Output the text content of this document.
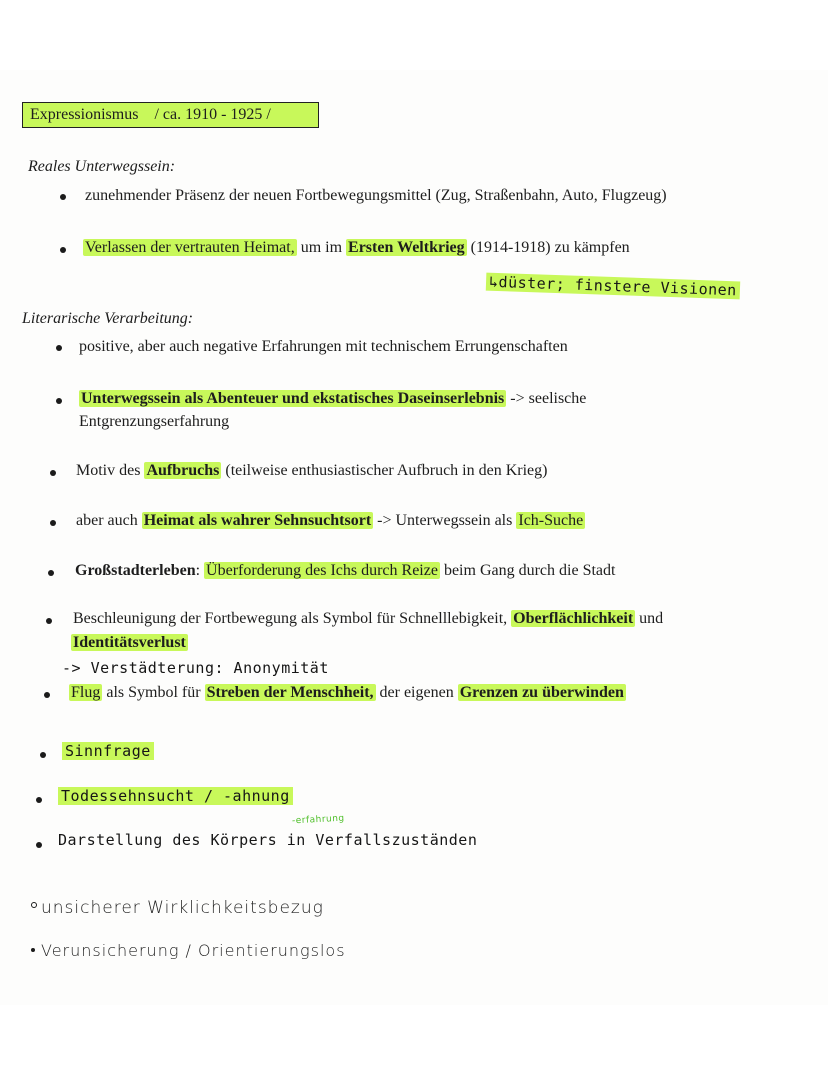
Expressionismus / ca. 1910 - 1925 /
Reales Unterwegssein:
zunehmender Präsenz der neuen Fortbewegungsmittel (Zug, Straßenbahn, Auto, Flugzeug)
Verlassen der vertrauten Heimat, um im Ersten Weltkrieg (1914-1918) zu kämpfen
↳düster; finstere Visionen
Literarische Verarbeitung:
positive, aber auch negative Erfahrungen mit technischem Errungenschaften
Unterwegssein als Abenteuer und ekstatisches Daseinserlebnis -> seelische
Entgrenzungserfahrung
Motiv des Aufbruchs (teilweise enthusiastischer Aufbruch in den Krieg)
aber auch Heimat als wahrer Sehnsuchtsort -> Unterwegssein als Ich-Suche
Großstadterleben: Überforderung des Ichs durch Reize beim Gang durch die Stadt
Beschleunigung der Fortbewegung als Symbol für Schnelllebigkeit, Oberflächlichkeit und
Identitätsverlust
-> Verstädterung: Anonymität
Flug als Symbol für Streben der Menschheit, der eigenen Grenzen zu überwinden
Sinnfrage
Todessehnsucht / -ahnung
-erfahrung
Darstellung des Körpers in Verfallszuständen
unsicherer Wirklichkeitsbezug
Verunsicherung / Orientierungslos
